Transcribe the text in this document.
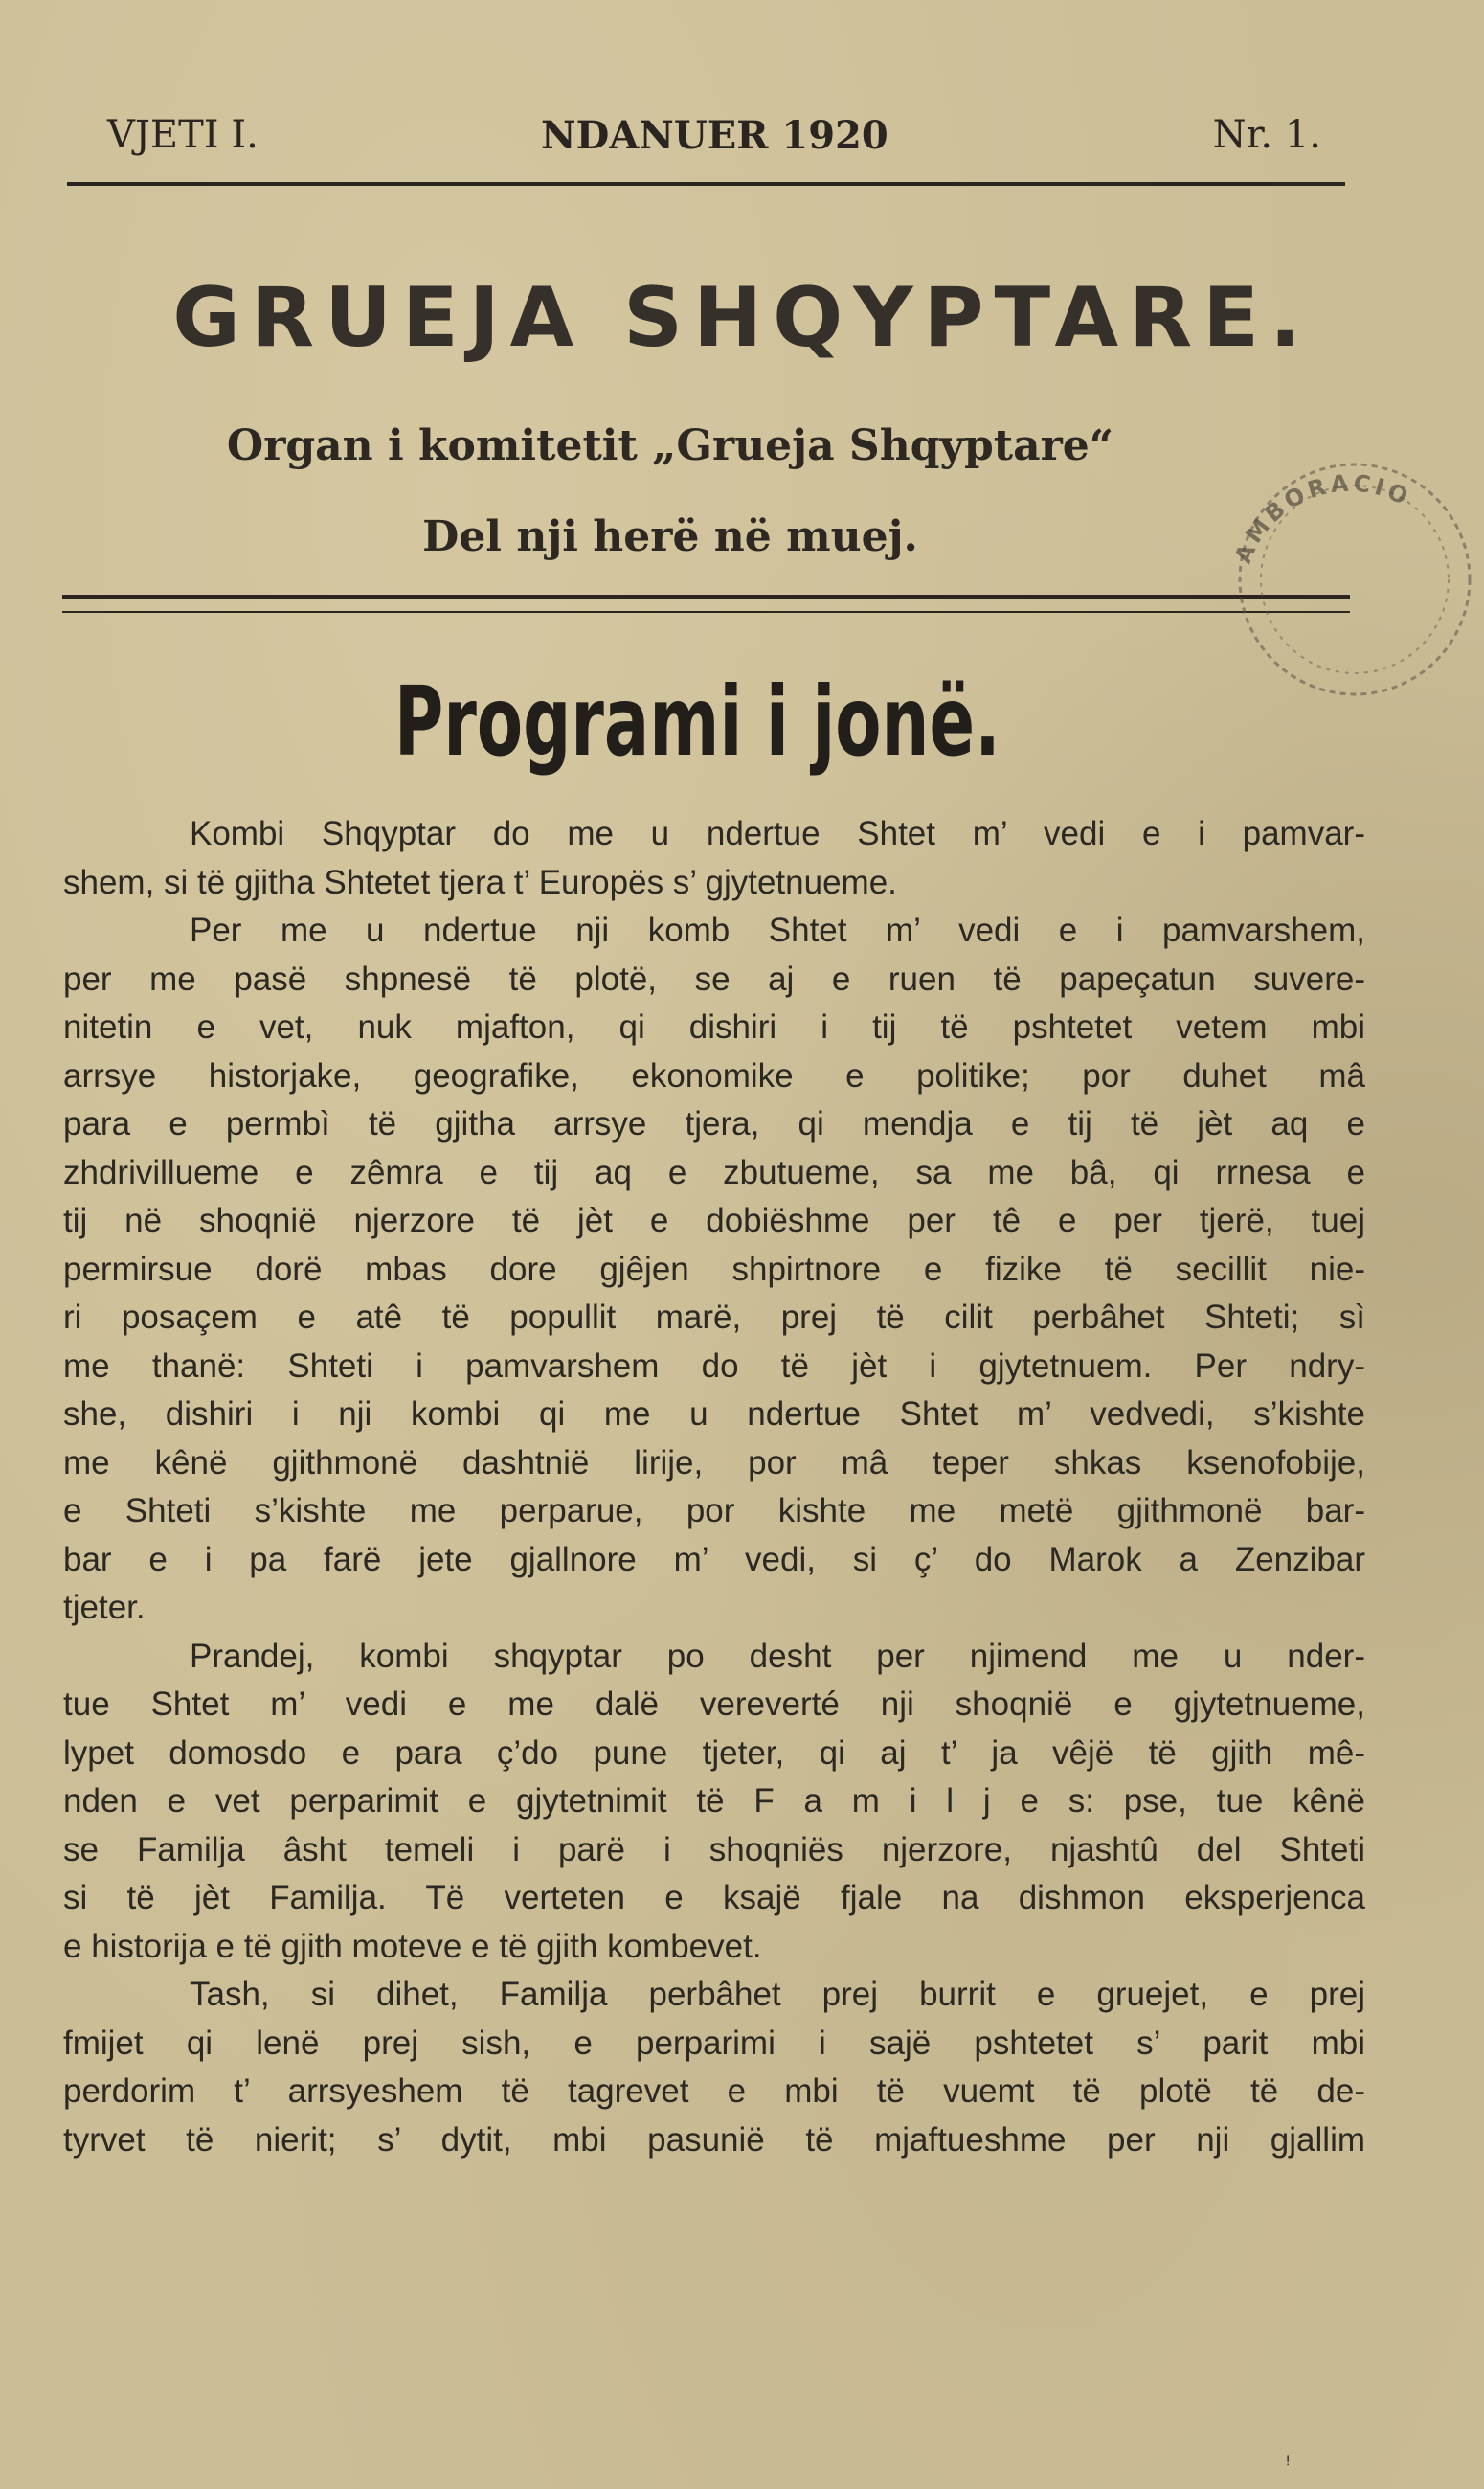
VJETI I.	NDANUER 1920	Nr. 1.
GRUEJA SHQYPTARE.
Organ i komitetit „Grueja Shqyptare“
Del nji herë në muej.
Programi i jonë.
Kombi Shqyptar do me u ndertue Shtet m’ vedi e i pamvar-
shem, si të gjitha Shtetet tjera t’ Europës s’ gjytetnueme.
Per me u ndertue nji komb Shtet m’ vedi e i pamvarshem,
per me pasë shpnesë të plotë, se aj e ruen të papeçatun suvere-
nitetin e vet, nuk mjafton, qi dishiri i tij të pshtetet vetem mbi
arrsye historjake, geografike, ekonomike e politike; por duhet mâ
para e permbì të gjitha arrsye tjera, qi mendja e tij të jèt aq e
zhdrivillueme e zêmra e tij aq e zbutueme, sa me bâ, qi rrnesa e
tij në shoqnië njerzore të jèt e dobiëshme per tê e per tjerë, tuej
permirsue dorë mbas dore gjêjen shpirtnore e fizike të secillit nie-
ri posaçem e atê të popullit marë, prej të cilit perbâhet Shteti; sì
me thanë: Shteti i pamvarshem do të jèt i gjytetnuem. Per ndry-
she, dishiri i nji kombi qi me u ndertue Shtet m’ vedvedi, s’kishte
me kênë gjithmonë dashtnië lirije, por mâ teper shkas ksenofobije,
e Shteti s’kishte me perparue, por kishte me metë gjithmonë bar-
bar e i pa farë jete gjallnore m’ vedi, si ç’ do Marok a Zenzibar
tjeter.
Prandej, kombi shqyptar po desht per njimend me u nder-
tue Shtet m’ vedi e me dalë vereverté nji shoqnië e gjytetnueme,
lypet domosdo e para ç’do pune tjeter, qi aj t’ ja vêjë të gjith mê-
nden e vet perparimit e gjytetnimit të F a m i l j e s: pse, tue kênë
se Familja âsht temeli i parë i shoqniës njerzore, njashtû del Shteti
si të jèt Familja. Të verteten e ksajë fjale na dishmon eksperjenca
e historija e të gjith moteve e të gjith kombevet.
Tash, si dihet, Familja perbâhet prej burrit e gruejet, e prej
fmijet qi lenë prej sish, e perparimi i sajë pshtetet s’ parit mbi
perdorim t’ arrsyeshem të tagrevet e mbi të vuemt të plotë të de-
tyrvet të nierit; s’ dytit, mbi pasunië të mjaftueshme per nji gjallim
AMBORACIO
ꜝ
